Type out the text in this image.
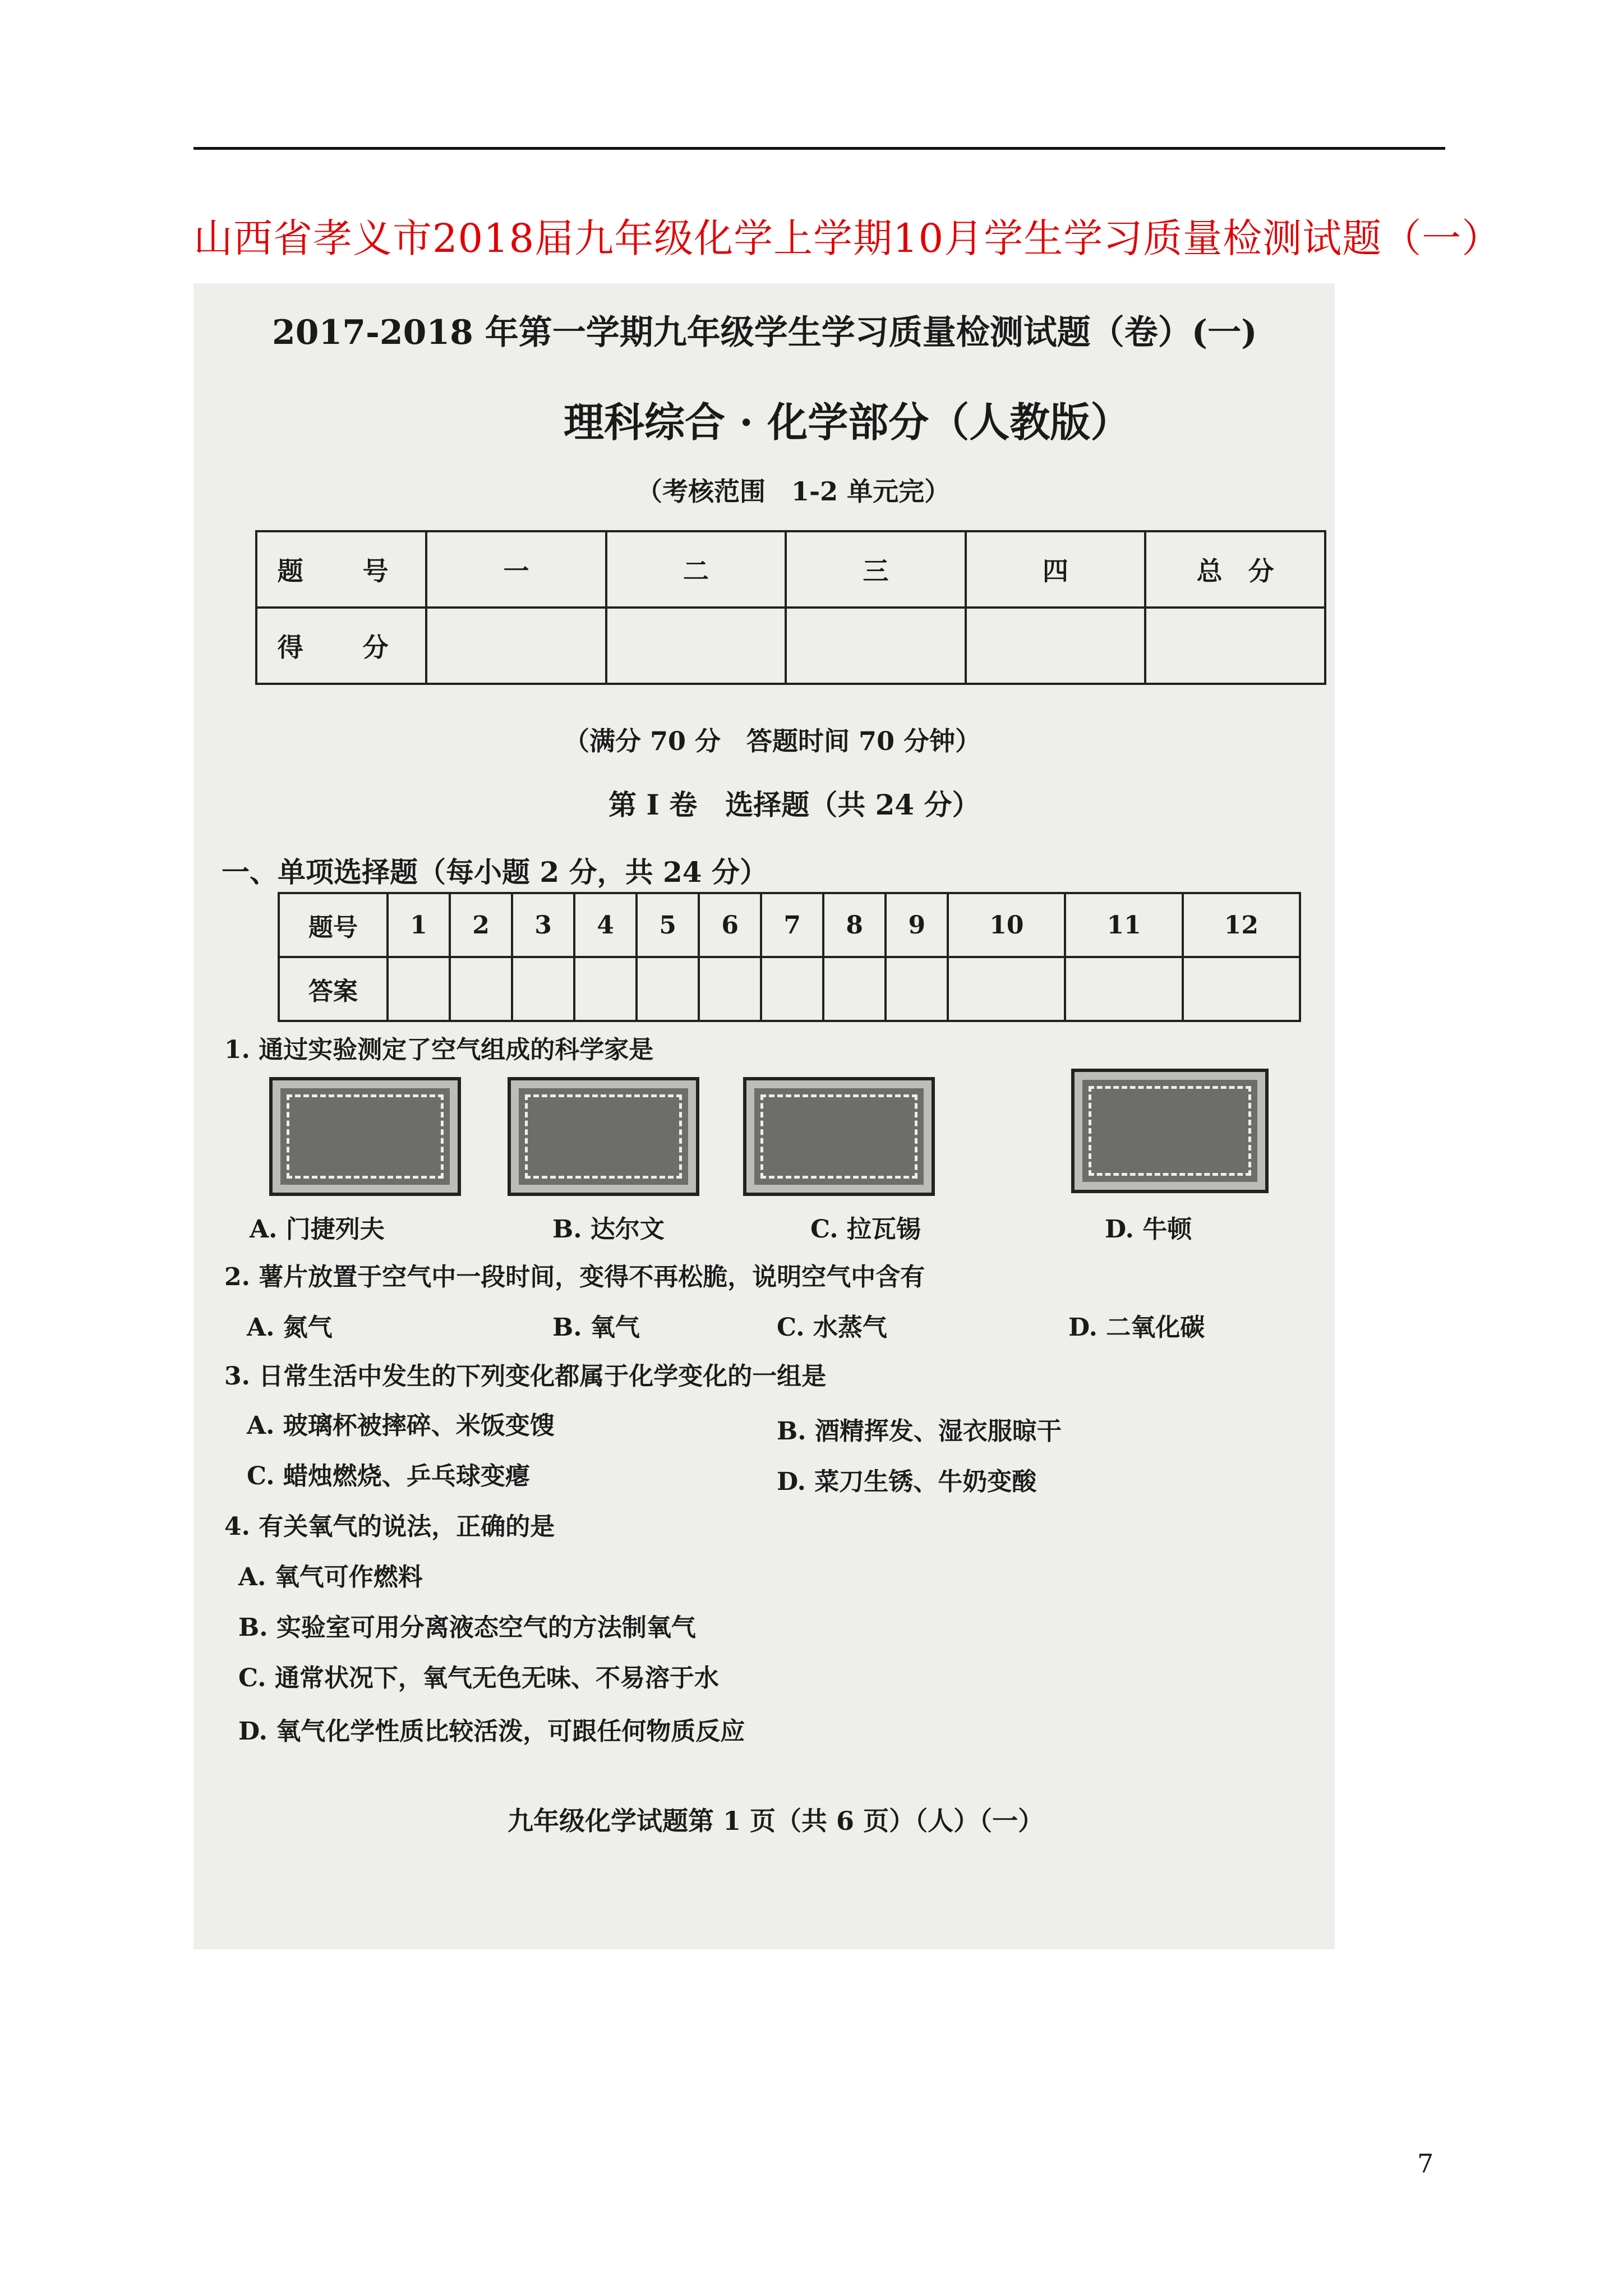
山西省孝义市2018届九年级化学上学期10月学生学习质量检测试题（一）
2017-2018 年第一学期九年级学生学习质量检测试题（卷）(一)
理科综合 · 化学部分（人教版）
（考核范围　1-2 单元完）
题　号	一	二	三	四	总　分
得　分					
（满分 70 分　答题时间 70 分钟）
第 I 卷　选择题（共 24 分）
一、单项选择题（每小题 2 分，共 24 分）
题号	1	2	3	4	5	6	7	8	9	10	11	12
答案												
1. 通过实验测定了空气组成的科学家是
A. 门捷列夫	B. 达尔文	C. 拉瓦锡	D. 牛顿
2. 薯片放置于空气中一段时间，变得不再松脆，说明空气中含有
A. 氮气	B. 氧气	C. 水蒸气	D. 二氧化碳
3. 日常生活中发生的下列变化都属于化学变化的一组是
A. 玻璃杯被摔碎、米饭变馊	B. 酒精挥发、湿衣服晾干
C. 蜡烛燃烧、乒乓球变瘪	D. 菜刀生锈、牛奶变酸
4. 有关氧气的说法，正确的是
A. 氧气可作燃料
B. 实验室可用分离液态空气的方法制氧气
C. 通常状况下，氧气无色无味、不易溶于水
D. 氧气化学性质比较活泼，可跟任何物质反应
九年级化学试题第 1 页（共 6 页）（人）（一）
7
